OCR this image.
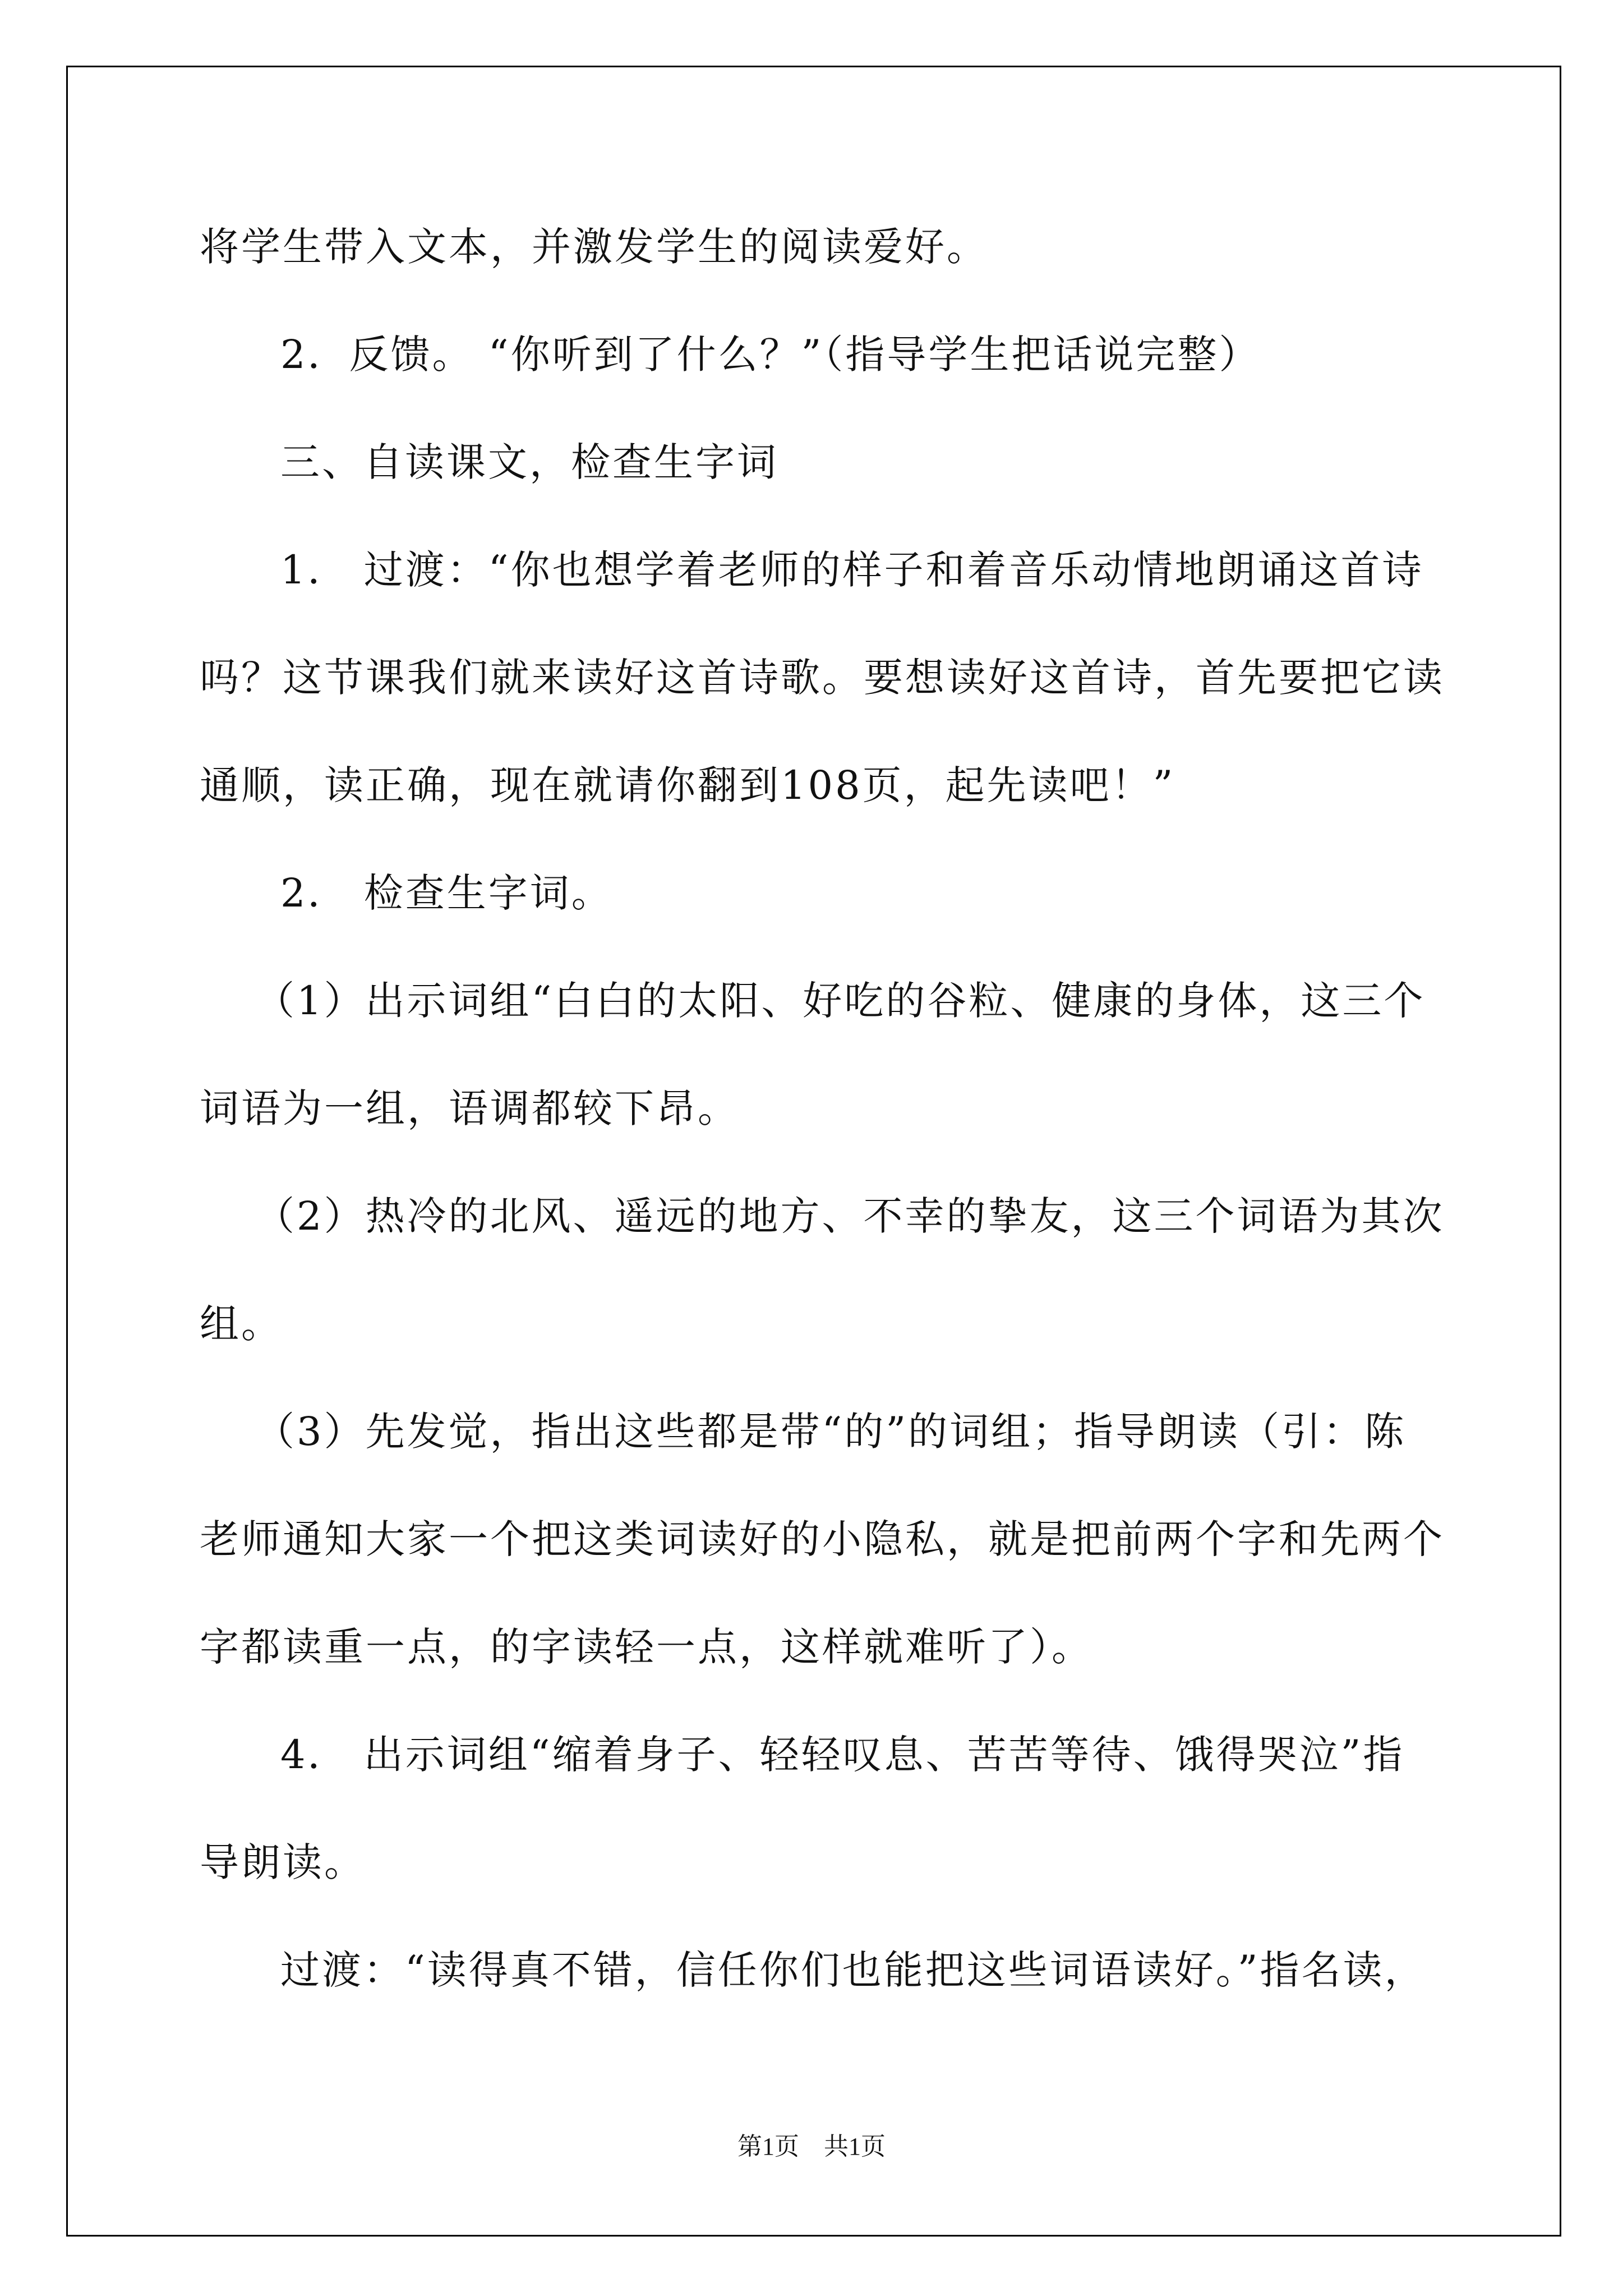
将学生带入文本，并激发学生的阅读爱好。
2．反馈。 “你听到了什么？”（指导学生把话说完整）
三、自读课文，检查生字词
1． 过渡：“你也想学着老师的样子和着音乐动情地朗诵这首诗
吗？这节课我们就来读好这首诗歌。要想读好这首诗，首先要把它读
通顺，读正确，现在就请你翻到108页，起先读吧！”
2． 检查生字词。
（1）出示词组“白白的太阳、好吃的谷粒、健康的身体，这三个
词语为一组，语调都较下昂。
（2）热冷的北风、遥远的地方、不幸的挚友，这三个词语为其次
组。
（3）先发觉，指出这些都是带“的”的词组；指导朗读（引：陈
老师通知大家一个把这类词读好的小隐私，就是把前两个字和先两个
字都读重一点，的字读轻一点，这样就难听了）。
4． 出示词组“缩着身子、轻轻叹息、苦苦等待、饿得哭泣”指
导朗读。
过渡：“读得真不错，信任你们也能把这些词语读好。”指名读，
第1页　共1页
